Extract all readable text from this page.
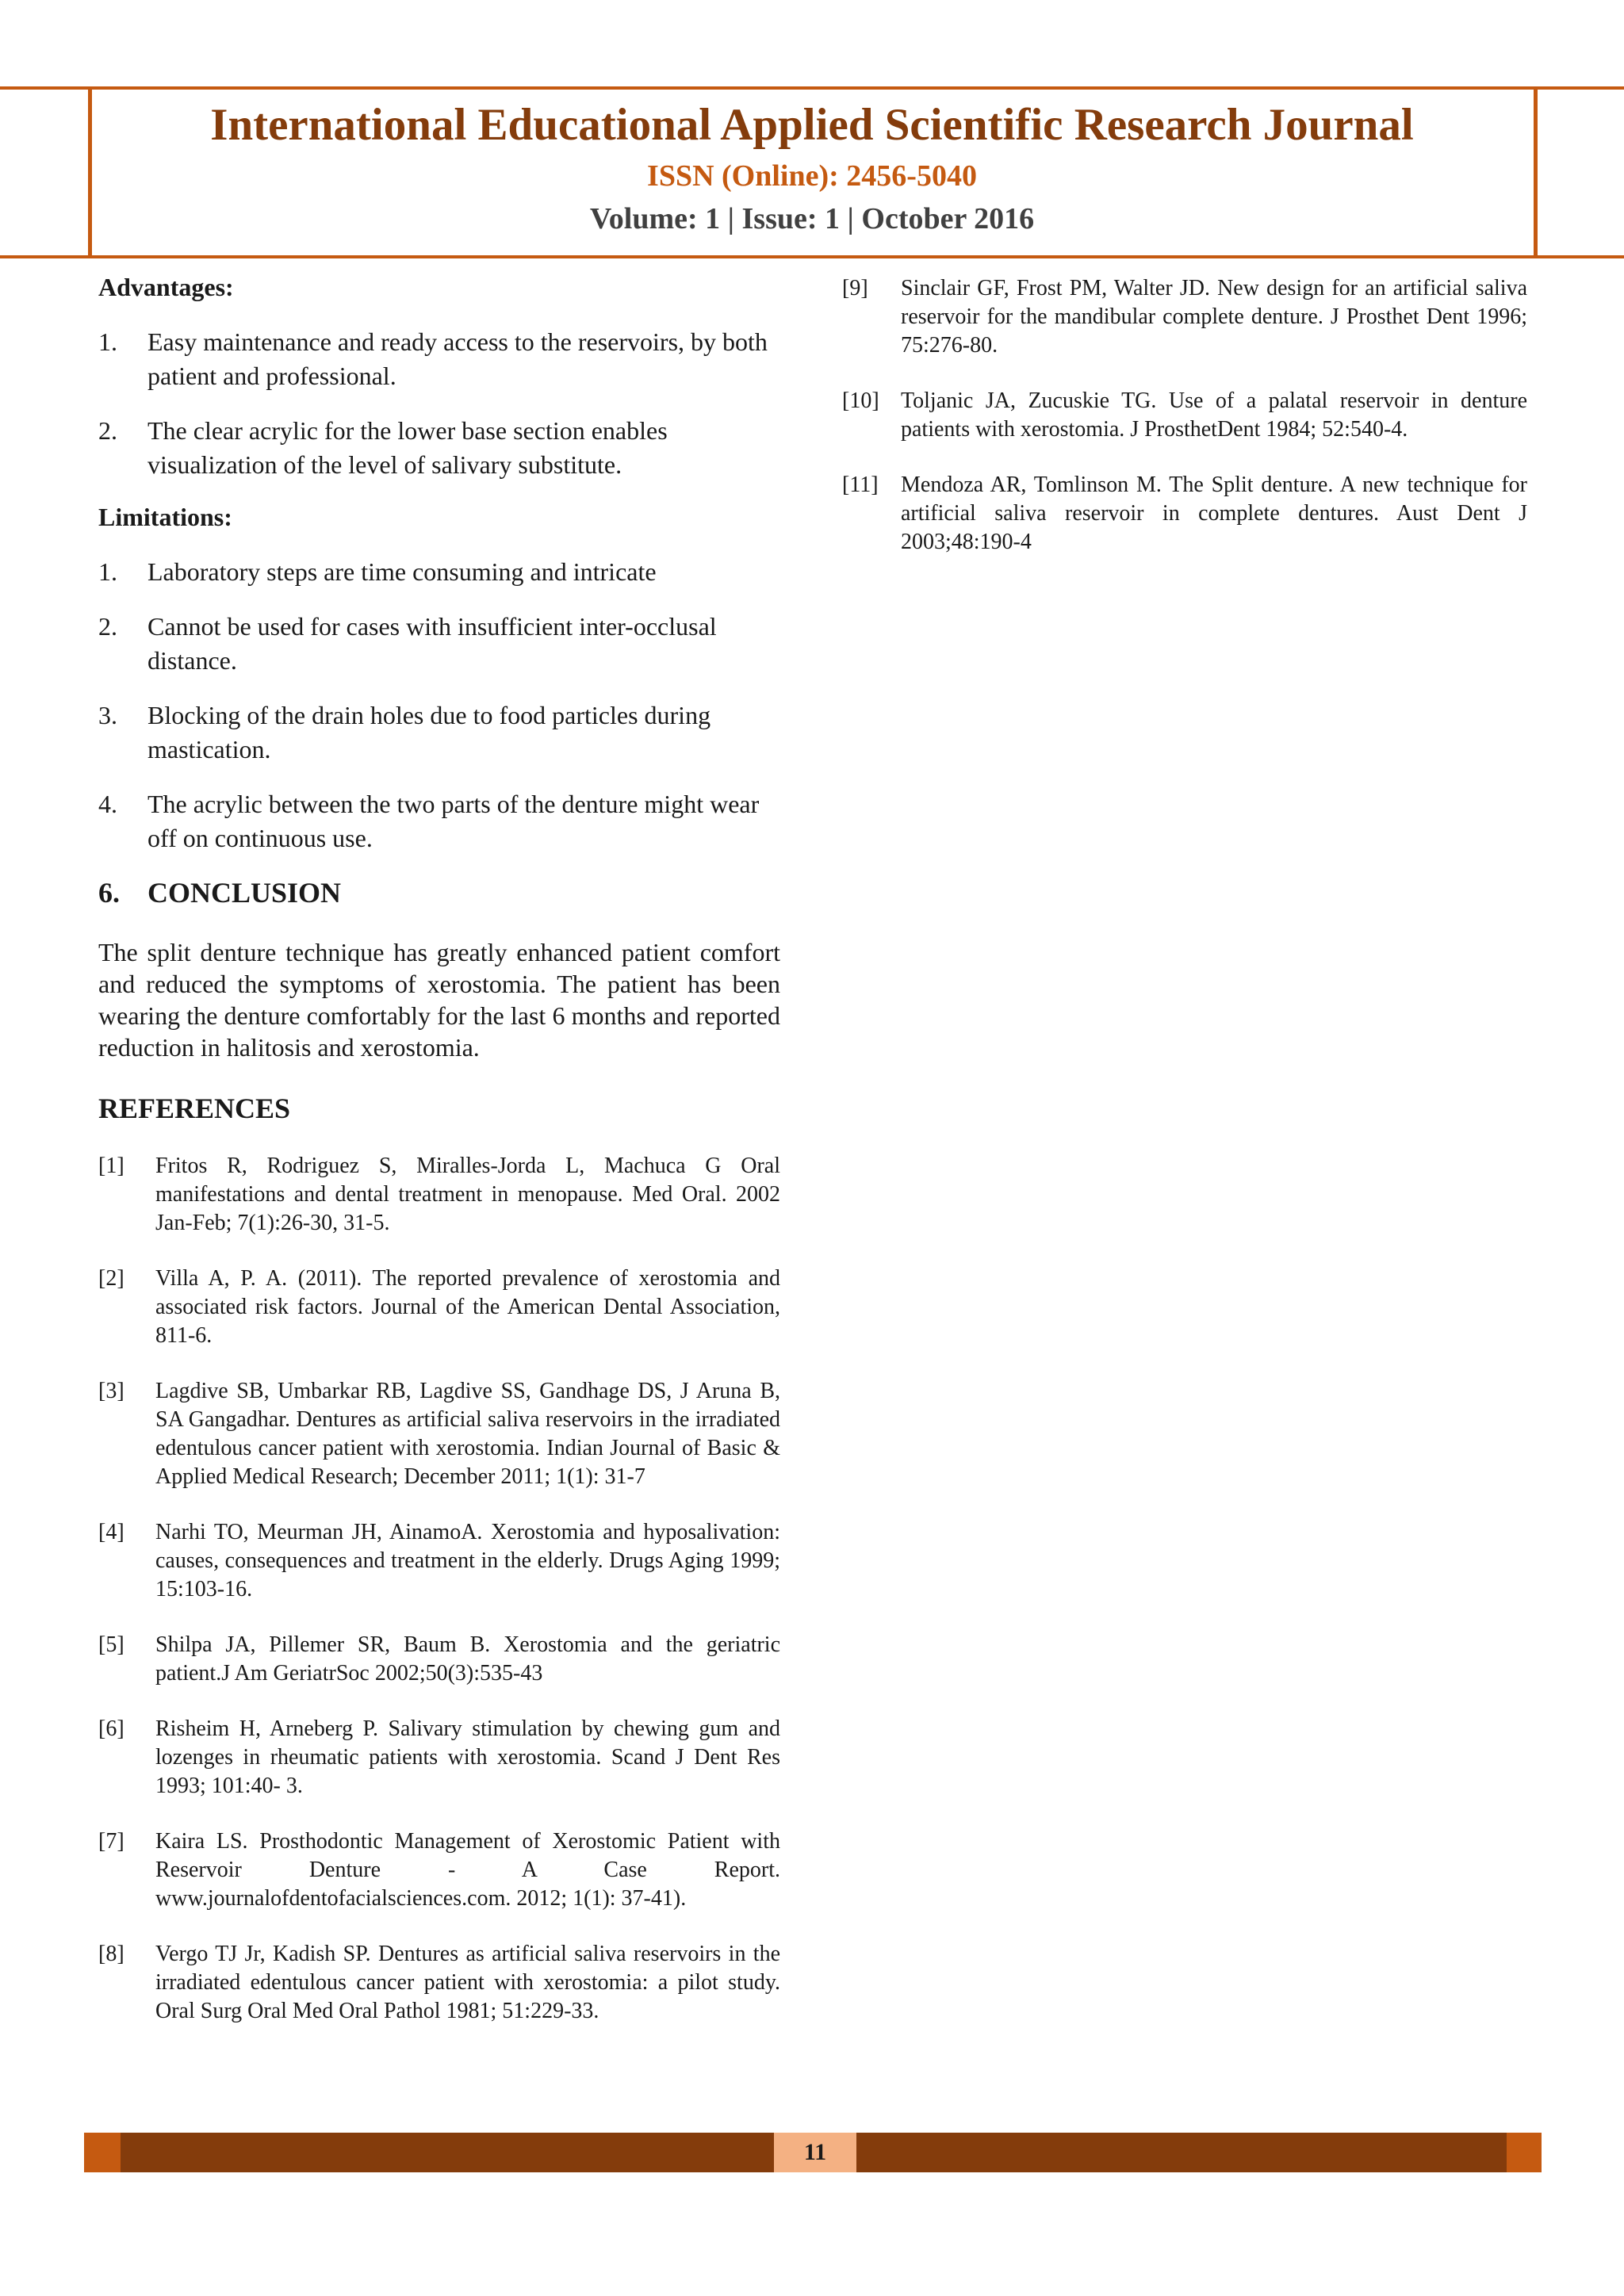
International Educational Applied Scientific Research Journal
ISSN (Online): 2456-5040
Volume: 1 | Issue: 1 | October 2016

Advantages:

1.	Easy maintenance and ready access to the reservoirs, by both patient and professional.
2.	The clear acrylic for the lower base section enables visualization of the level of salivary substitute.

Limitations:

1.	Laboratory steps are time consuming and intricate
2.	Cannot be used for cases with insufficient inter-occlusal distance.
3.	Blocking of the drain holes due to food particles during mastication.
4.	The acrylic between the two parts of the denture might wear off on continuous use.
6. CONCLUSION

The split denture technique has greatly enhanced patient comfort and reduced the symptoms of xerostomia. The patient has been wearing the denture comfortably for the last 6 months and reported reduction in halitosis and xerostomia.

REFERENCES
[1]	Fritos R, Rodriguez S, Miralles-Jorda L, Machuca G Oral manifestations and dental treatment in menopause. Med Oral. 2002 Jan-Feb; 7(1):26-30, 31-5.
[2]	Villa A, P. A. (2011). The reported prevalence of xerostomia and associated risk factors. Journal of the American Dental Association, 811-6.
[3]	Lagdive SB, Umbarkar RB, Lagdive SS, Gandhage DS, J Aruna B, SA Gangadhar. Dentures as artificial saliva reservoirs in the irradiated edentulous cancer patient with xerostomia. Indian Journal of Basic & Applied Medical Research; December 2011; 1(1): 31-7
[4]	Narhi TO, Meurman JH, AinamoA. Xerostomia and hyposalivation: causes, consequences and treatment in the elderly. Drugs Aging 1999; 15:103-16.
[5]	Shilpa JA, Pillemer SR, Baum B. Xerostomia and the geriatric patient.J Am GeriatrSoc 2002;50(3):535-43
[6]	Risheim H, Arneberg P. Salivary stimulation by chewing gum and lozenges in rheumatic patients with xerostomia. Scand J Dent Res 1993; 101:40- 3.
[7]	Kaira LS. Prosthodontic Management of Xerostomic Patient with Reservoir Denture - A Case Report. www.journalofdentofacialsciences.com. 2012; 1(1): 37-41).
[8]	Vergo TJ Jr, Kadish SP. Dentures as artificial saliva reservoirs in the irradiated edentulous cancer patient with xerostomia: a pilot study. Oral Surg Oral Med Oral Pathol 1981; 51:229-33.
[9]	Sinclair GF, Frost PM, Walter JD. New design for an artificial saliva reservoir for the mandibular complete denture. J Prosthet Dent 1996; 75:276-80.
[10] Toljanic JA, Zucuskie TG. Use of a palatal reservoir in denture patients with xerostomia. J ProsthetDent 1984; 52:540-4.
[11]	Mendoza AR, Tomlinson M. The Split denture. A new technique for artificial saliva reservoir in complete dentures. Aust Dent J 2003;48:190-4
11
